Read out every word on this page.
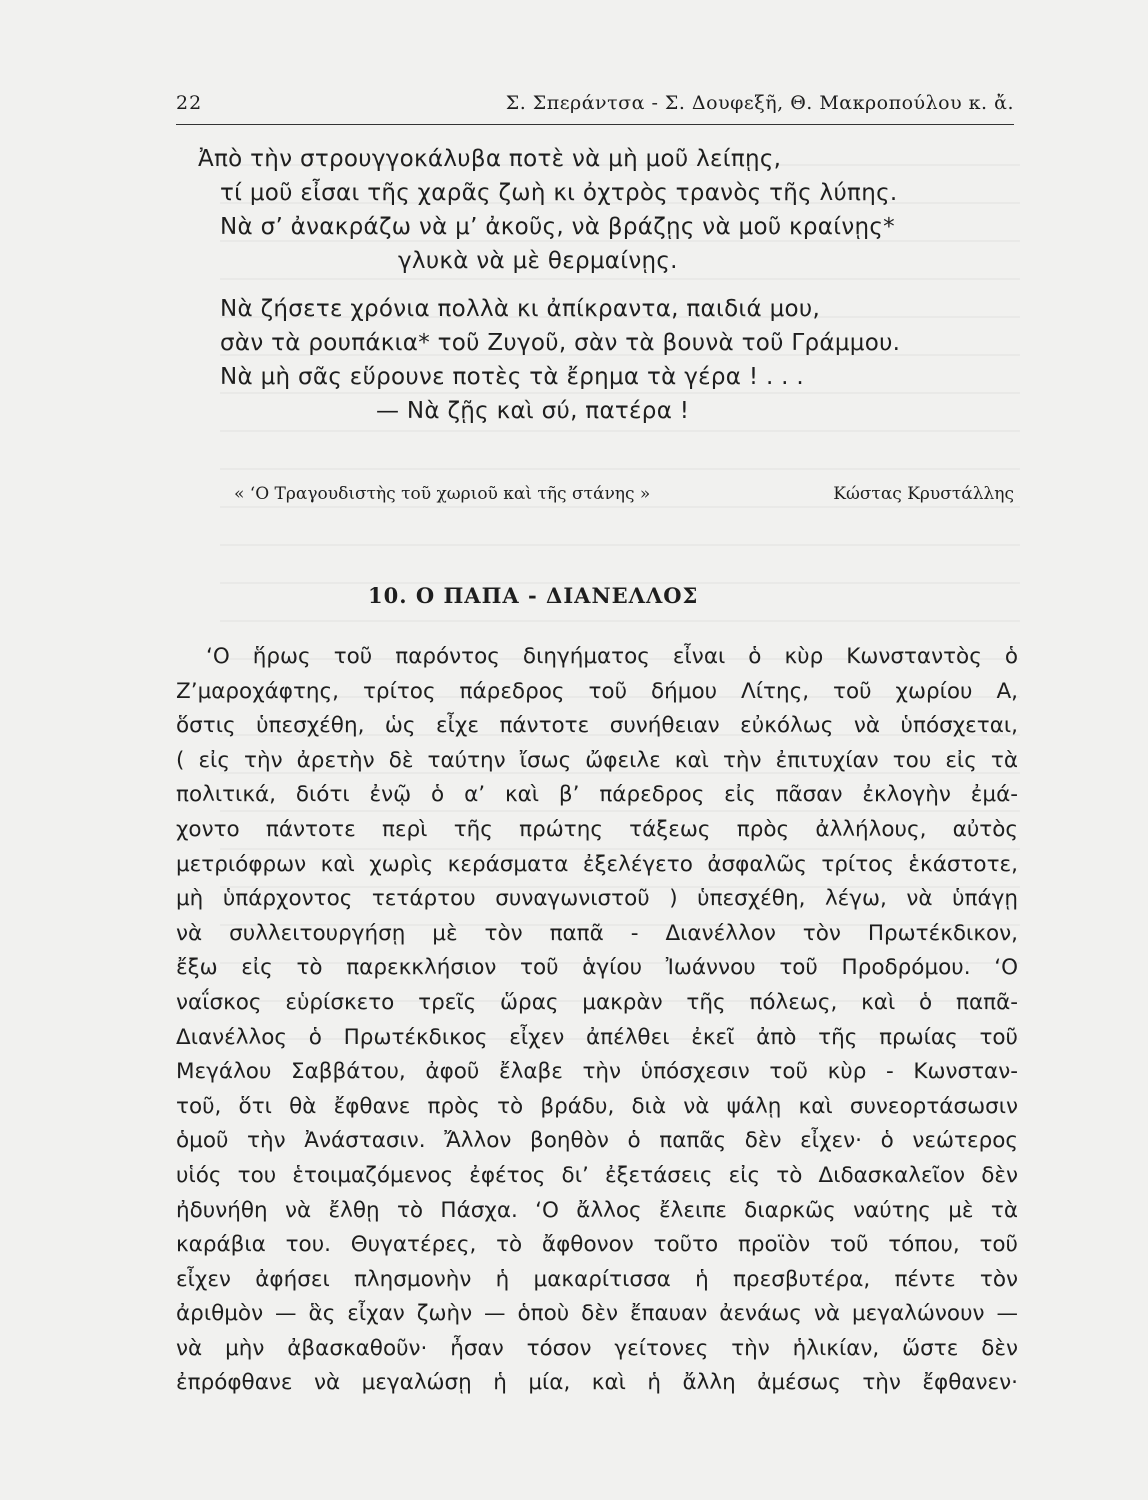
22	Σ. Σπεράντσα - Σ. Δουφεξῆ, Θ. Μακροπούλου κ. ἄ.
Ἀπὸ τὴν στρουγγοκάλυβα ποτὲ νὰ μὴ μοῦ λείπῃς,
τί μοῦ εἶσαι τῆς χαρᾶς ζωὴ κι ὀχτρὸς τρανὸς τῆς λύπης.
Νὰ σ’ ἀνακράζω νὰ μ’ ἀκοῦς, νὰ βράζῃς νὰ μοῦ κραίνῃς*
γλυκὰ νὰ μὲ θερμαίνῃς.
Νὰ ζήσετε χρόνια πολλὰ κι ἀπίκραντα, παιδιά μου,
σὰν τὰ ρουπάκια* τοῦ Ζυγοῦ, σὰν τὰ βουνὰ τοῦ Γράμμου.
Νὰ μὴ σᾶς εὕρουνε ποτὲς τὰ ἔρημα τὰ γέρα ! . . .
— Νὰ ζῇς καὶ σύ, πατέρα !
« ‘Ο Τραγουδιστὴς τοῦ χωριοῦ καὶ τῆς στάνης »	Κώστας Κρυστάλλης
10. Ο ΠΑΠΑ - ΔΙΑΝΕΛΛΟΣ
‘Ο ἥρως τοῦ παρόντος διηγήματος εἶναι ὁ κὺρ Κωνσταντὸς ὁ
Ζ’μαροχάφτης, τρίτος πάρεδρος τοῦ δήμου Λίτης, τοῦ χωρίου Α,
ὅστις ὑπεσχέθη, ὡς εἶχε πάντοτε συνήθειαν εὐκόλως νὰ ὑπόσχεται,
( εἰς τὴν ἀρετὴν δὲ ταύτην ἴσως ὤφειλε καὶ τὴν ἐπιτυχίαν του εἰς τὰ
πολιτικά, διότι ἐνῷ ὁ α’ καὶ β’ πάρεδρος εἰς πᾶσαν ἐκλογὴν ἐμά-
χοντο πάντοτε περὶ τῆς πρώτης τάξεως πρὸς ἀλλήλους, αὐτὸς
μετριόφρων καὶ χωρὶς κεράσματα ἐξελέγετο ἀσφαλῶς τρίτος ἑκάστοτε,
μὴ ὑπάρχοντος τετάρτου συναγωνιστοῦ ) ὑπεσχέθη, λέγω, νὰ ὑπάγῃ
νὰ συλλειτουργήσῃ μὲ τὸν παπᾶ - Διανέλλον τὸν Πρωτέκδικον,
ἔξω εἰς τὸ παρεκκλήσιον τοῦ ἁγίου Ἰωάννου τοῦ Προδρόμου. ‘Ο
ναΐσκος εὑρίσκετο τρεῖς ὥρας μακρὰν τῆς πόλεως, καὶ ὁ παπᾶ-
Διανέλλος ὁ Πρωτέκδικος εἶχεν ἀπέλθει ἐκεῖ ἀπὸ τῆς πρωίας τοῦ
Μεγάλου Σαββάτου, ἀφοῦ ἔλαβε τὴν ὑπόσχεσιν τοῦ κὺρ - Κωνσταν-
τοῦ, ὅτι θὰ ἔφθανε πρὸς τὸ βράδυ, διὰ νὰ ψάλῃ καὶ συνεορτάσωσιν
ὁμοῦ τὴν Ἀνάστασιν. Ἄλλον βοηθὸν ὁ παπᾶς δὲν εἶχεν· ὁ νεώτερος
υἱός του ἑτοιμαζόμενος ἐφέτος δι’ ἐξετάσεις εἰς τὸ Διδασκαλεῖον δὲν
ἠδυνήθη νὰ ἔλθῃ τὸ Πάσχα. ‘Ο ἄλλος ἔλειπε διαρκῶς ναύτης μὲ τὰ
καράβια του. Θυγατέρες, τὸ ἄφθονον τοῦτο προϊὸν τοῦ τόπου, τοῦ
εἶχεν ἀφήσει πλησμονὴν ἡ μακαρίτισσα ἡ πρεσβυτέρα, πέντε τὸν
ἀριθμὸν — ἃς εἶχαν ζωὴν — ὁπoὺ δὲν ἔπαυαν ἀενάως νὰ μεγαλώνουν —
νὰ μὴν ἀβασκαθοῦν· ἦσαν τόσον γείτονες τὴν ἡλικίαν, ὥστε δὲν
ἐπρόφθανε νὰ μεγαλώσῃ ἡ μία, καὶ ἡ ἄλλη ἀμέσως τὴν ἔφθανεν·
